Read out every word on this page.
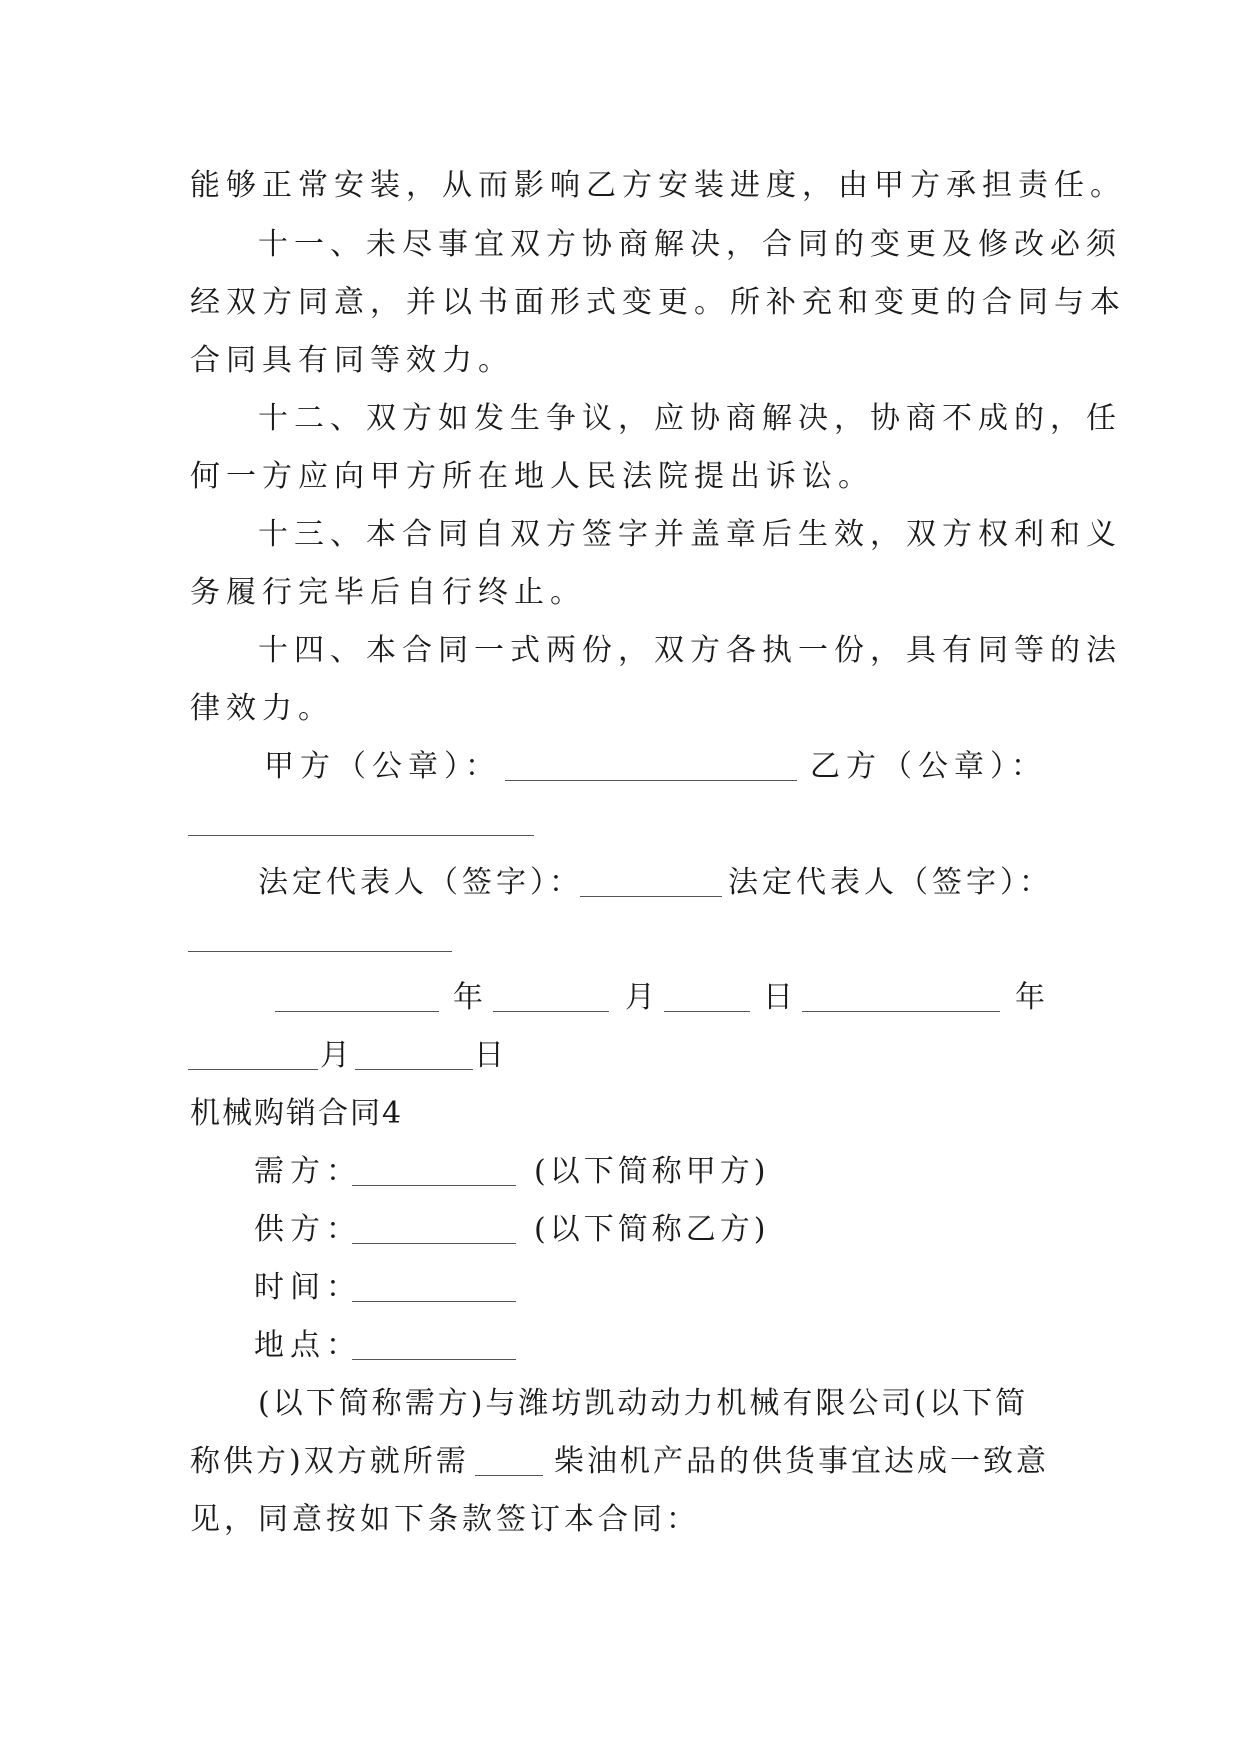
能够正常安装，从而影响乙方安装进度，由甲方承担责任。
十一、未尽事宜双方协商解决，合同的变更及修改必须
经双方同意，并以书面形式变更。所补充和变更的合同与本
合同具有同等效力。
十二、双方如发生争议，应协商解决，协商不成的，任
何一方应向甲方所在地人民法院提出诉讼。
十三、本合同自双方签字并盖章后生效，双方权利和义
务履行完毕后自行终止。
十四、本合同一式两份，双方各执一份，具有同等的法
律效力。
甲方（公章）：	乙方（公章）：
法定代表人（签字）：	法定代表人（签字）：
年	月	日	年
月	日
机械购销合同4
需方：	(以下简称甲方)
供方：	(以下简称乙方)
时间：
地点：
(以下简称需方)与潍坊凯动动力机械有限公司(以下简
称供方)双方就所需	柴油机产品的供货事宜达成一致意
见，同意按如下条款签订本合同：
